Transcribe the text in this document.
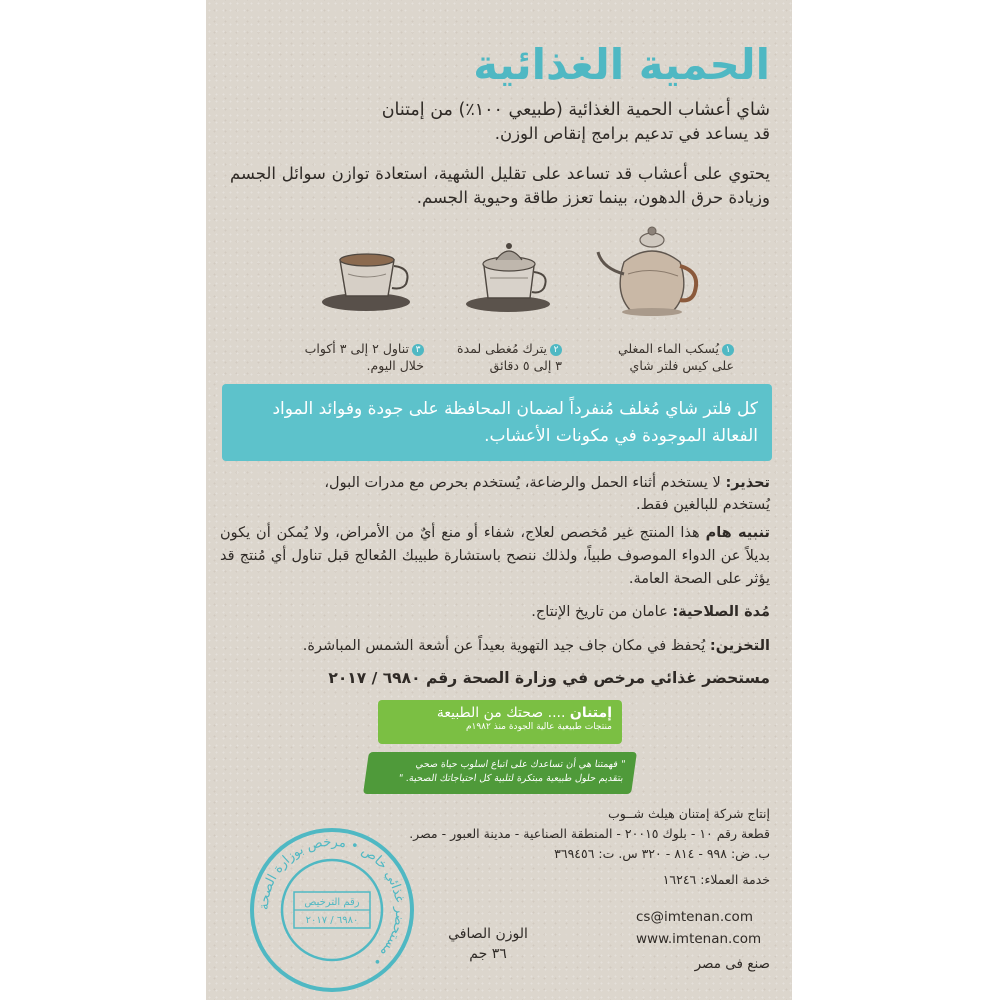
الحمية الغذائية
شاي أعشاب الحمية الغذائية (طبيعي ١٠٠٪) من إمتنان
قد يساعد في تدعيم برامج إنقاص الوزن.
يحتوي على أعشاب قد تساعد على تقليل الشهية، استعادة توازن سوائل الجسم وزيادة حرق الدهون، بينما تعزز طاقة وحيوية الجسم.
١يُسكب الماء المغلي
على كيس فلتر شاي
٢يترك مُغطى لمدة
٣ إلى ٥ دقائق
٣تناول ٢ إلى ٣ أكواب
خلال اليوم.
كل فلتر شاي مُغلف مُنفرداً لضمان المحافظة على جودة وفوائد المواد الفعالة الموجودة في مكونات الأعشاب.
تحذير: لا يستخدم أثناء الحمل والرضاعة، يُستخدم بحرص مع مدرات البول،
يُستخدم للبالغين فقط.
تنبيه هام هذا المنتج غير مُخصص لعلاج، شفاء أو منع أيٌ من الأمراض، ولا يُمكن أن يكون بديلاً عن الدواء الموصوف طبياً، ولذلك ننصح باستشارة طبيبك المُعالج قبل تناول أي مُنتج قد يؤثر على الصحة العامة.
مُدة الصلاحية: عامان من تاريخ الإنتاج.
التخزين: يُحفظ في مكان جاف جيد التهوية بعيداً عن أشعة الشمس المباشرة.
مستحضر غذائي مرخص في وزارة الصحة رقم ٦٩٨٠ / ٢٠١٧
إمتنان .... صحتك من الطبيعة
منتجات طبيعية عالية الجودة منذ ١٩٨٢م
" فهمتنا هي أن تساعدك على اتباع اسلوب حياة صحي
بتقديم حلول طبيعية مبتكرة لتلبية كل احتياجاتك الصحية. "
إنتاج شركة إمتنان هيلث شــوب
قطعة رقم ١٠ - بلوك ٢٠٠١٥ - المنطقة الصناعية - مدينة العبور - مصر.
ب. ض: ٩٩٨ - ٨١٤ - ٣٢٠ س. ت: ٣٦٩٤٥٦
خدمة العملاء: ١٦٢٤٦
cs@imtenan.com
www.imtenan.com
صنع فى مصر
الوزن الصافي
٣٦ جم
مستحضر غذائي خاص • مرخص بوزارة الصحة •
رقم الترخيص
٦٩٨٠ / ٢٠١٧
